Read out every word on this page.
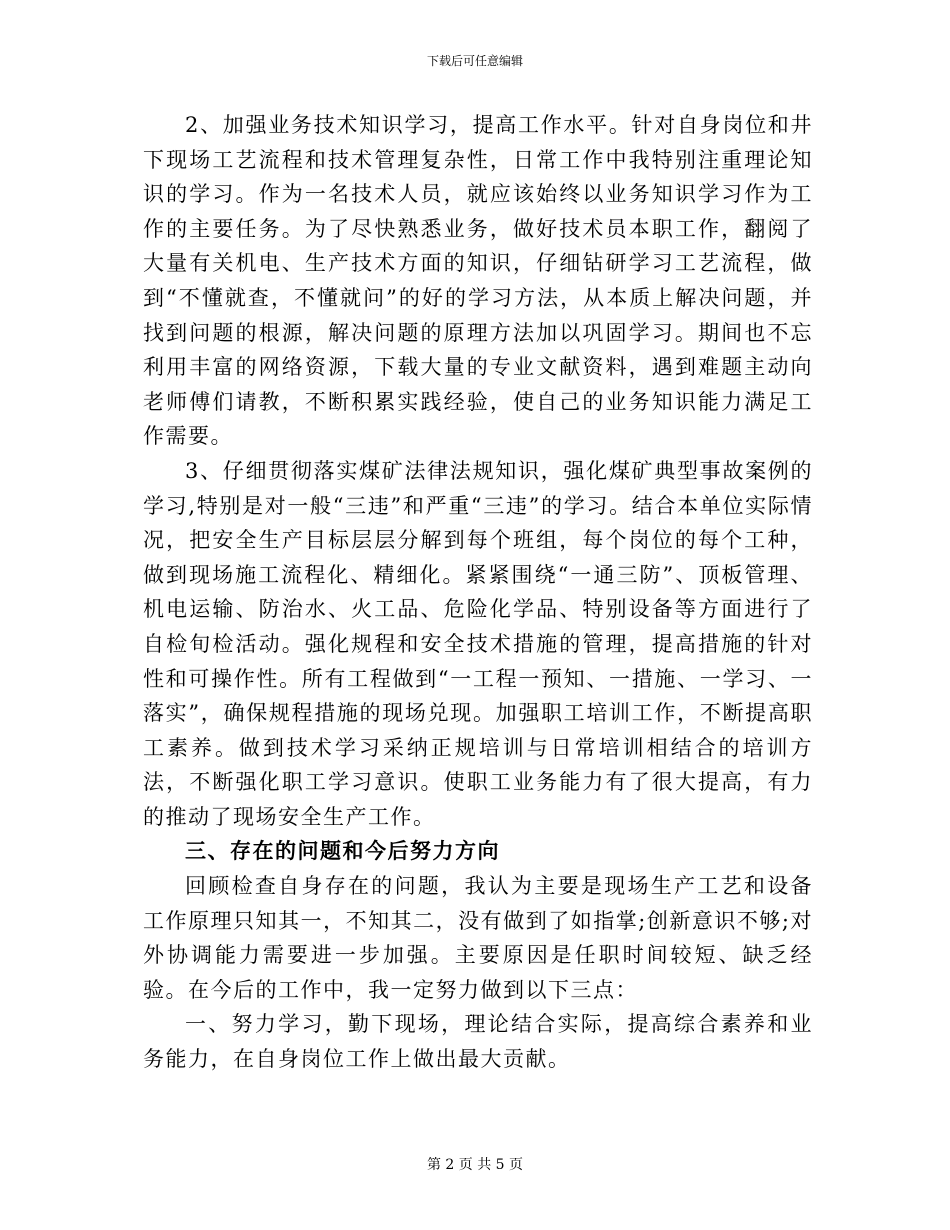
下载后可任意编辑

2、加强业务技术知识学习，提高工作水平。针对自身岗位和井下现场工艺流程和技术管理复杂性，日常工作中我特别注重理论知识的学习。作为一名技术人员，就应该始终以业务知识学习作为工作的主要任务。为了尽快熟悉业务，做好技术员本职工作，翻阅了大量有关机电、生产技术方面的知识，仔细钻研学习工艺流程，做到“不懂就查，不懂就问”的好的学习方法，从本质上解决问题，并找到问题的根源，解决问题的原理方法加以巩固学习。期间也不忘利用丰富的网络资源，下载大量的专业文献资料，遇到难题主动向老师傅们请教，不断积累实践经验，使自己的业务知识能力满足工作需要。

3、仔细贯彻落实煤矿法律法规知识，强化煤矿典型事故案例的学习,特别是对一般“三违”和严重“三违”的学习。结合本单位实际情况，把安全生产目标层层分解到每个班组，每个岗位的每个工种，做到现场施工流程化、精细化。紧紧围绕“一通三防”、顶板管理、机电运输、防治水、火工品、危险化学品、特别设备等方面进行了自检旬检活动。强化规程和安全技术措施的管理，提高措施的针对性和可操作性。所有工程做到“一工程一预知、一措施、一学习、一落实”，确保规程措施的现场兑现。加强职工培训工作，不断提高职工素养。做到技术学习采纳正规培训与日常培训相结合的培训方法，不断强化职工学习意识。使职工业务能力有了很大提高，有力的推动了现场安全生产工作。

三、存在的问题和今后努力方向

回顾检查自身存在的问题，我认为主要是现场生产工艺和设备工作原理只知其一，不知其二，没有做到了如指掌;创新意识不够;对外协调能力需要进一步加强。主要原因是任职时间较短、缺乏经验。在今后的工作中，我一定努力做到以下三点：

一、努力学习，勤下现场，理论结合实际，提高综合素养和业务能力，在自身岗位工作上做出最大贡献。

第 2 页 共 5 页
